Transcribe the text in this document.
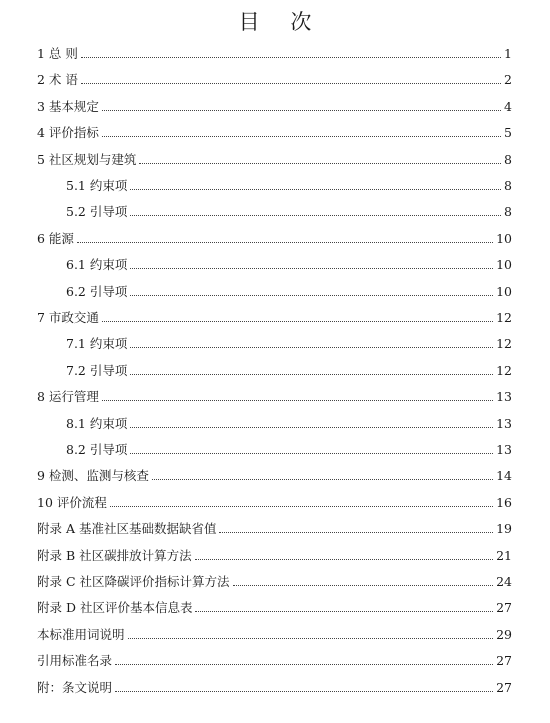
目 次
1 总 则	1
2 术 语	2
3 基本规定	4
4 评价指标	5
5 社区规划与建筑	8
5.1 约束项	8
5.2 引导项	8
6 能源	10
6.1 约束项	10
6.2 引导项	10
7 市政交通	12
7.1 约束项	12
7.2 引导项	12
8 运行管理	13
8.1 约束项	13
8.2 引导项	13
9 检测、监测与核查	14
10 评价流程	16
附录 A 基准社区基础数据缺省值	19
附录 B 社区碳排放计算方法	21
附录 C 社区降碳评价指标计算方法	24
附录 D 社区评价基本信息表	27
本标准用词说明	29
引用标准名录	27
附：条文说明	27
